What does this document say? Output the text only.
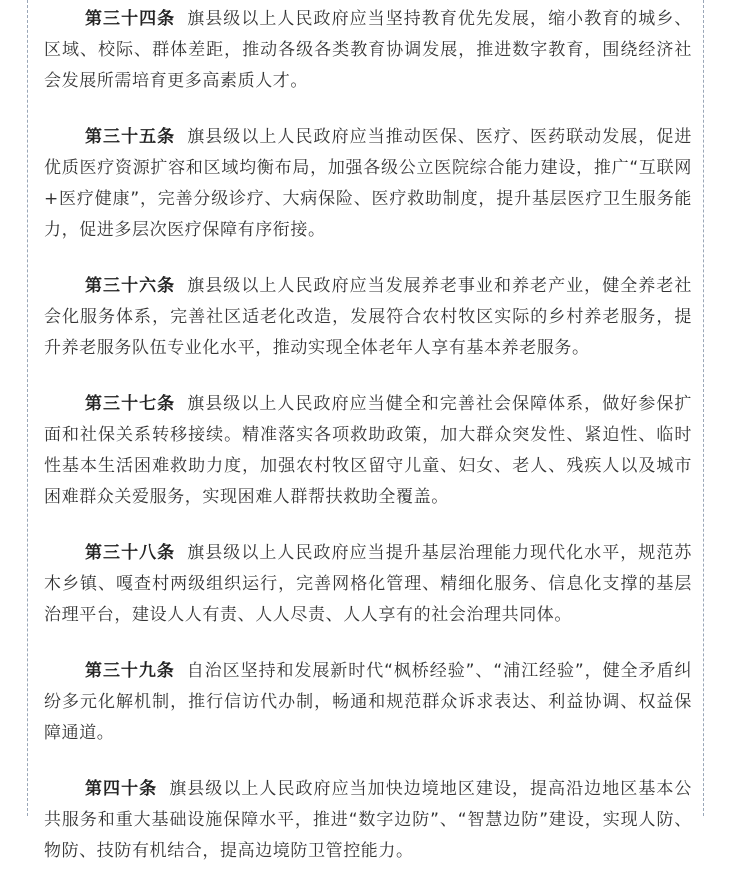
第三十四条 旗县级以上人民政府应当坚持教育优先发展，缩小教育的城乡、区域、校际、群体差距，推动各级各类教育协调发展，推进数字教育，围绕经济社会发展所需培育更多高素质人才。

第三十五条 旗县级以上人民政府应当推动医保、医疗、医药联动发展，促进优质医疗资源扩容和区域均衡布局，加强各级公立医院综合能力建设，推广“互联网+医疗健康”，完善分级诊疗、大病保险、医疗救助制度，提升基层医疗卫生服务能力，促进多层次医疗保障有序衔接。

第三十六条 旗县级以上人民政府应当发展养老事业和养老产业，健全养老社会化服务体系，完善社区适老化改造，发展符合农村牧区实际的乡村养老服务，提升养老服务队伍专业化水平，推动实现全体老年人享有基本养老服务。

第三十七条 旗县级以上人民政府应当健全和完善社会保障体系，做好参保扩面和社保关系转移接续。精准落实各项救助政策，加大群众突发性、紧迫性、临时性基本生活困难救助力度，加强农村牧区留守儿童、妇女、老人、残疾人以及城市困难群众关爱服务，实现困难人群帮扶救助全覆盖。

第三十八条 旗县级以上人民政府应当提升基层治理能力现代化水平，规范苏木乡镇、嘎查村两级组织运行，完善网格化管理、精细化服务、信息化支撑的基层治理平台，建设人人有责、人人尽责、人人享有的社会治理共同体。

第三十九条 自治区坚持和发展新时代“枫桥经验”、“浦江经验”，健全矛盾纠纷多元化解机制，推行信访代办制，畅通和规范群众诉求表达、利益协调、权益保障通道。

第四十条 旗县级以上人民政府应当加快边境地区建设，提高沿边地区基本公共服务和重大基础设施保障水平，推进“数字边防”、“智慧边防”建设，实现人防、物防、技防有机结合，提高边境防卫管控能力。
